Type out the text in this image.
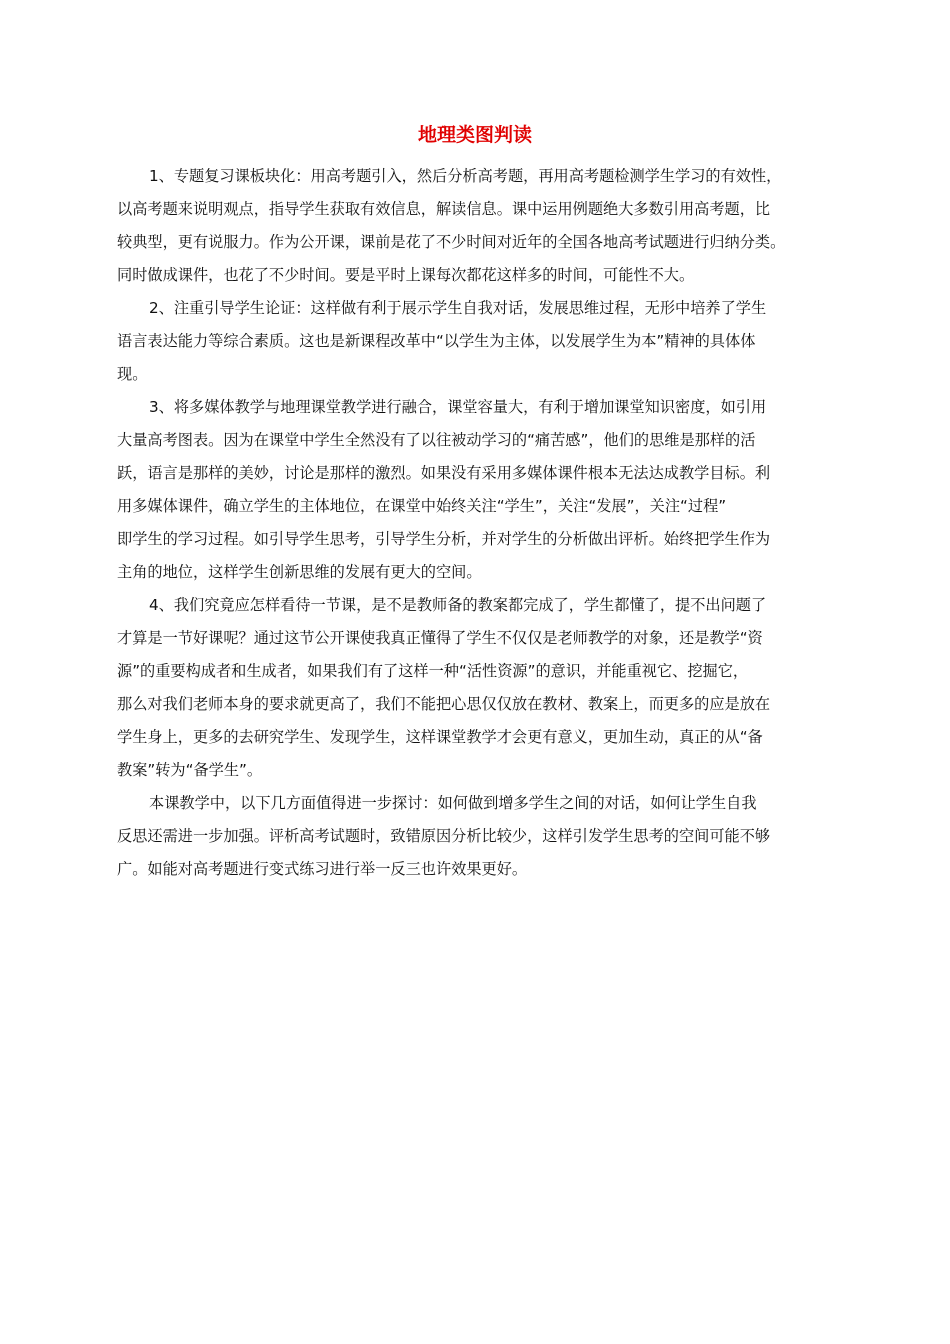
地理类图判读

1、专题复习课板块化：用高考题引入，然后分析高考题，再用高考题检测学生学习的有效性，
以高考题来说明观点，指导学生获取有效信息，解读信息。课中运用例题绝大多数引用高考题，比
较典型，更有说服力。作为公开课，课前是花了不少时间对近年的全国各地高考试题进行归纳分类。
同时做成课件，也花了不少时间。要是平时上课每次都花这样多的时间，可能性不大。

2、注重引导学生论证：这样做有利于展示学生自我对话，发展思维过程，无形中培养了学生
语言表达能力等综合素质。这也是新课程改革中“以学生为主体，以发展学生为本”精神的具体体
现。

3、将多媒体教学与地理课堂教学进行融合，课堂容量大，有利于增加课堂知识密度，如引用
大量高考图表。因为在课堂中学生全然没有了以往被动学习的“痛苦感”，他们的思维是那样的活
跃，语言是那样的美妙，讨论是那样的激烈。如果没有采用多媒体课件根本无法达成教学目标。利
用多媒体课件，确立学生的主体地位，在课堂中始终关注“学生”，关注“发展”，关注“过程”
即学生的学习过程。如引导学生思考，引导学生分析，并对学生的分析做出评析。始终把学生作为
主角的地位，这样学生创新思维的发展有更大的空间。

4、我们究竟应怎样看待一节课，是不是教师备的教案都完成了，学生都懂了，提不出问题了
才算是一节好课呢？通过这节公开课使我真正懂得了学生不仅仅是老师教学的对象，还是教学“资
源”的重要构成者和生成者，如果我们有了这样一种“活性资源”的意识，并能重视它、挖掘它，
那么对我们老师本身的要求就更高了，我们不能把心思仅仅放在教材、教案上，而更多的应是放在
学生身上，更多的去研究学生、发现学生，这样课堂教学才会更有意义，更加生动，真正的从“备
教案”转为“备学生”。

本课教学中，以下几方面值得进一步探讨：如何做到增多学生之间的对话，如何让学生自我
反思还需进一步加强。评析高考试题时，致错原因分析比较少，这样引发学生思考的空间可能不够
广。如能对高考题进行变式练习进行举一反三也许效果更好。
